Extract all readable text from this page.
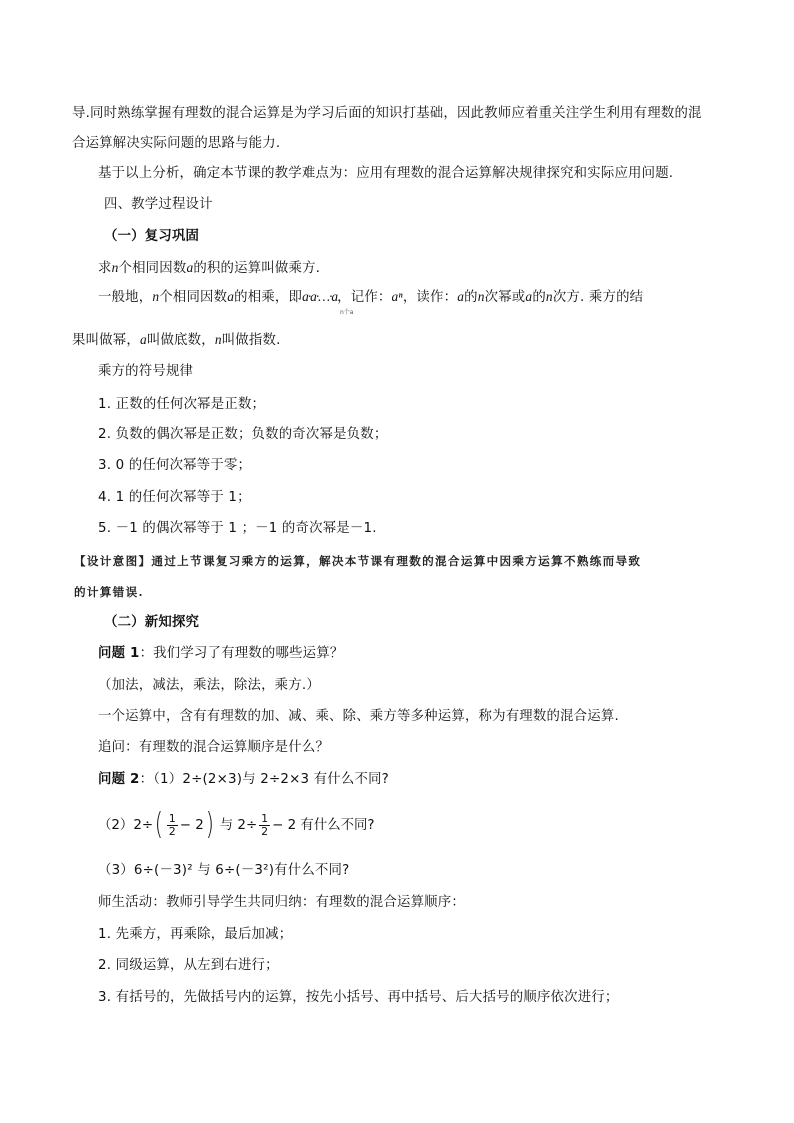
导.同时熟练掌握有理数的混合运算是为学习后面的知识打基础，因此教师应着重关注学生利用有理数的混
合运算解决实际问题的思路与能力.
基于以上分析，确定本节课的教学难点为：应用有理数的混合运算解决规律探究和实际应用问题.
四、教学过程设计
（一）复习巩固
求n个相同因数a的积的运算叫做乘方.
一般地，n个相同因数a的相乘，即a·a·…·a，记作：aⁿ，读作：a的n次幂或a的n次方. 乘方的结
n个a
果叫做幂，a叫做底数，n叫做指数.
乘方的符号规律
1. 正数的任何次幂是正数；
2. 负数的偶次幂是正数；负数的奇次幂是负数；
3. 0 的任何次幂等于零；
4. 1 的任何次幂等于 1；
5. －1 的偶次幂等于 1 ；－1 的奇次幂是－1.
【设计意图】通过上节课复习乘方的运算，解决本节课有理数的混合运算中因乘方运算不熟练而导致
的计算错误.
（二）新知探究
问题 1：我们学习了有理数的哪些运算？
（加法，减法，乘法，除法，乘方.）
一个运算中，含有有理数的加、减、乘、除、乘方等多种运算，称为有理数的混合运算.
追问：有理数的混合运算顺序是什么？
问题 2：（1）2÷(2×3)与 2÷2×3 有什么不同?
$(2)2\div( \frac{1}{2} - 2)$ 与 $2\div \frac{1}{2} - 2$ 有什么不同?
（3）6÷(－3)² 与 6÷(－3²)有什么不同?
师生活动：教师引导学生共同归纳：有理数的混合运算顺序：
1. 先乘方，再乘除，最后加减；
2. 同级运算，从左到右进行；
3. 有括号的，先做括号内的运算，按先小括号、再中括号、后大括号的顺序依次进行；
